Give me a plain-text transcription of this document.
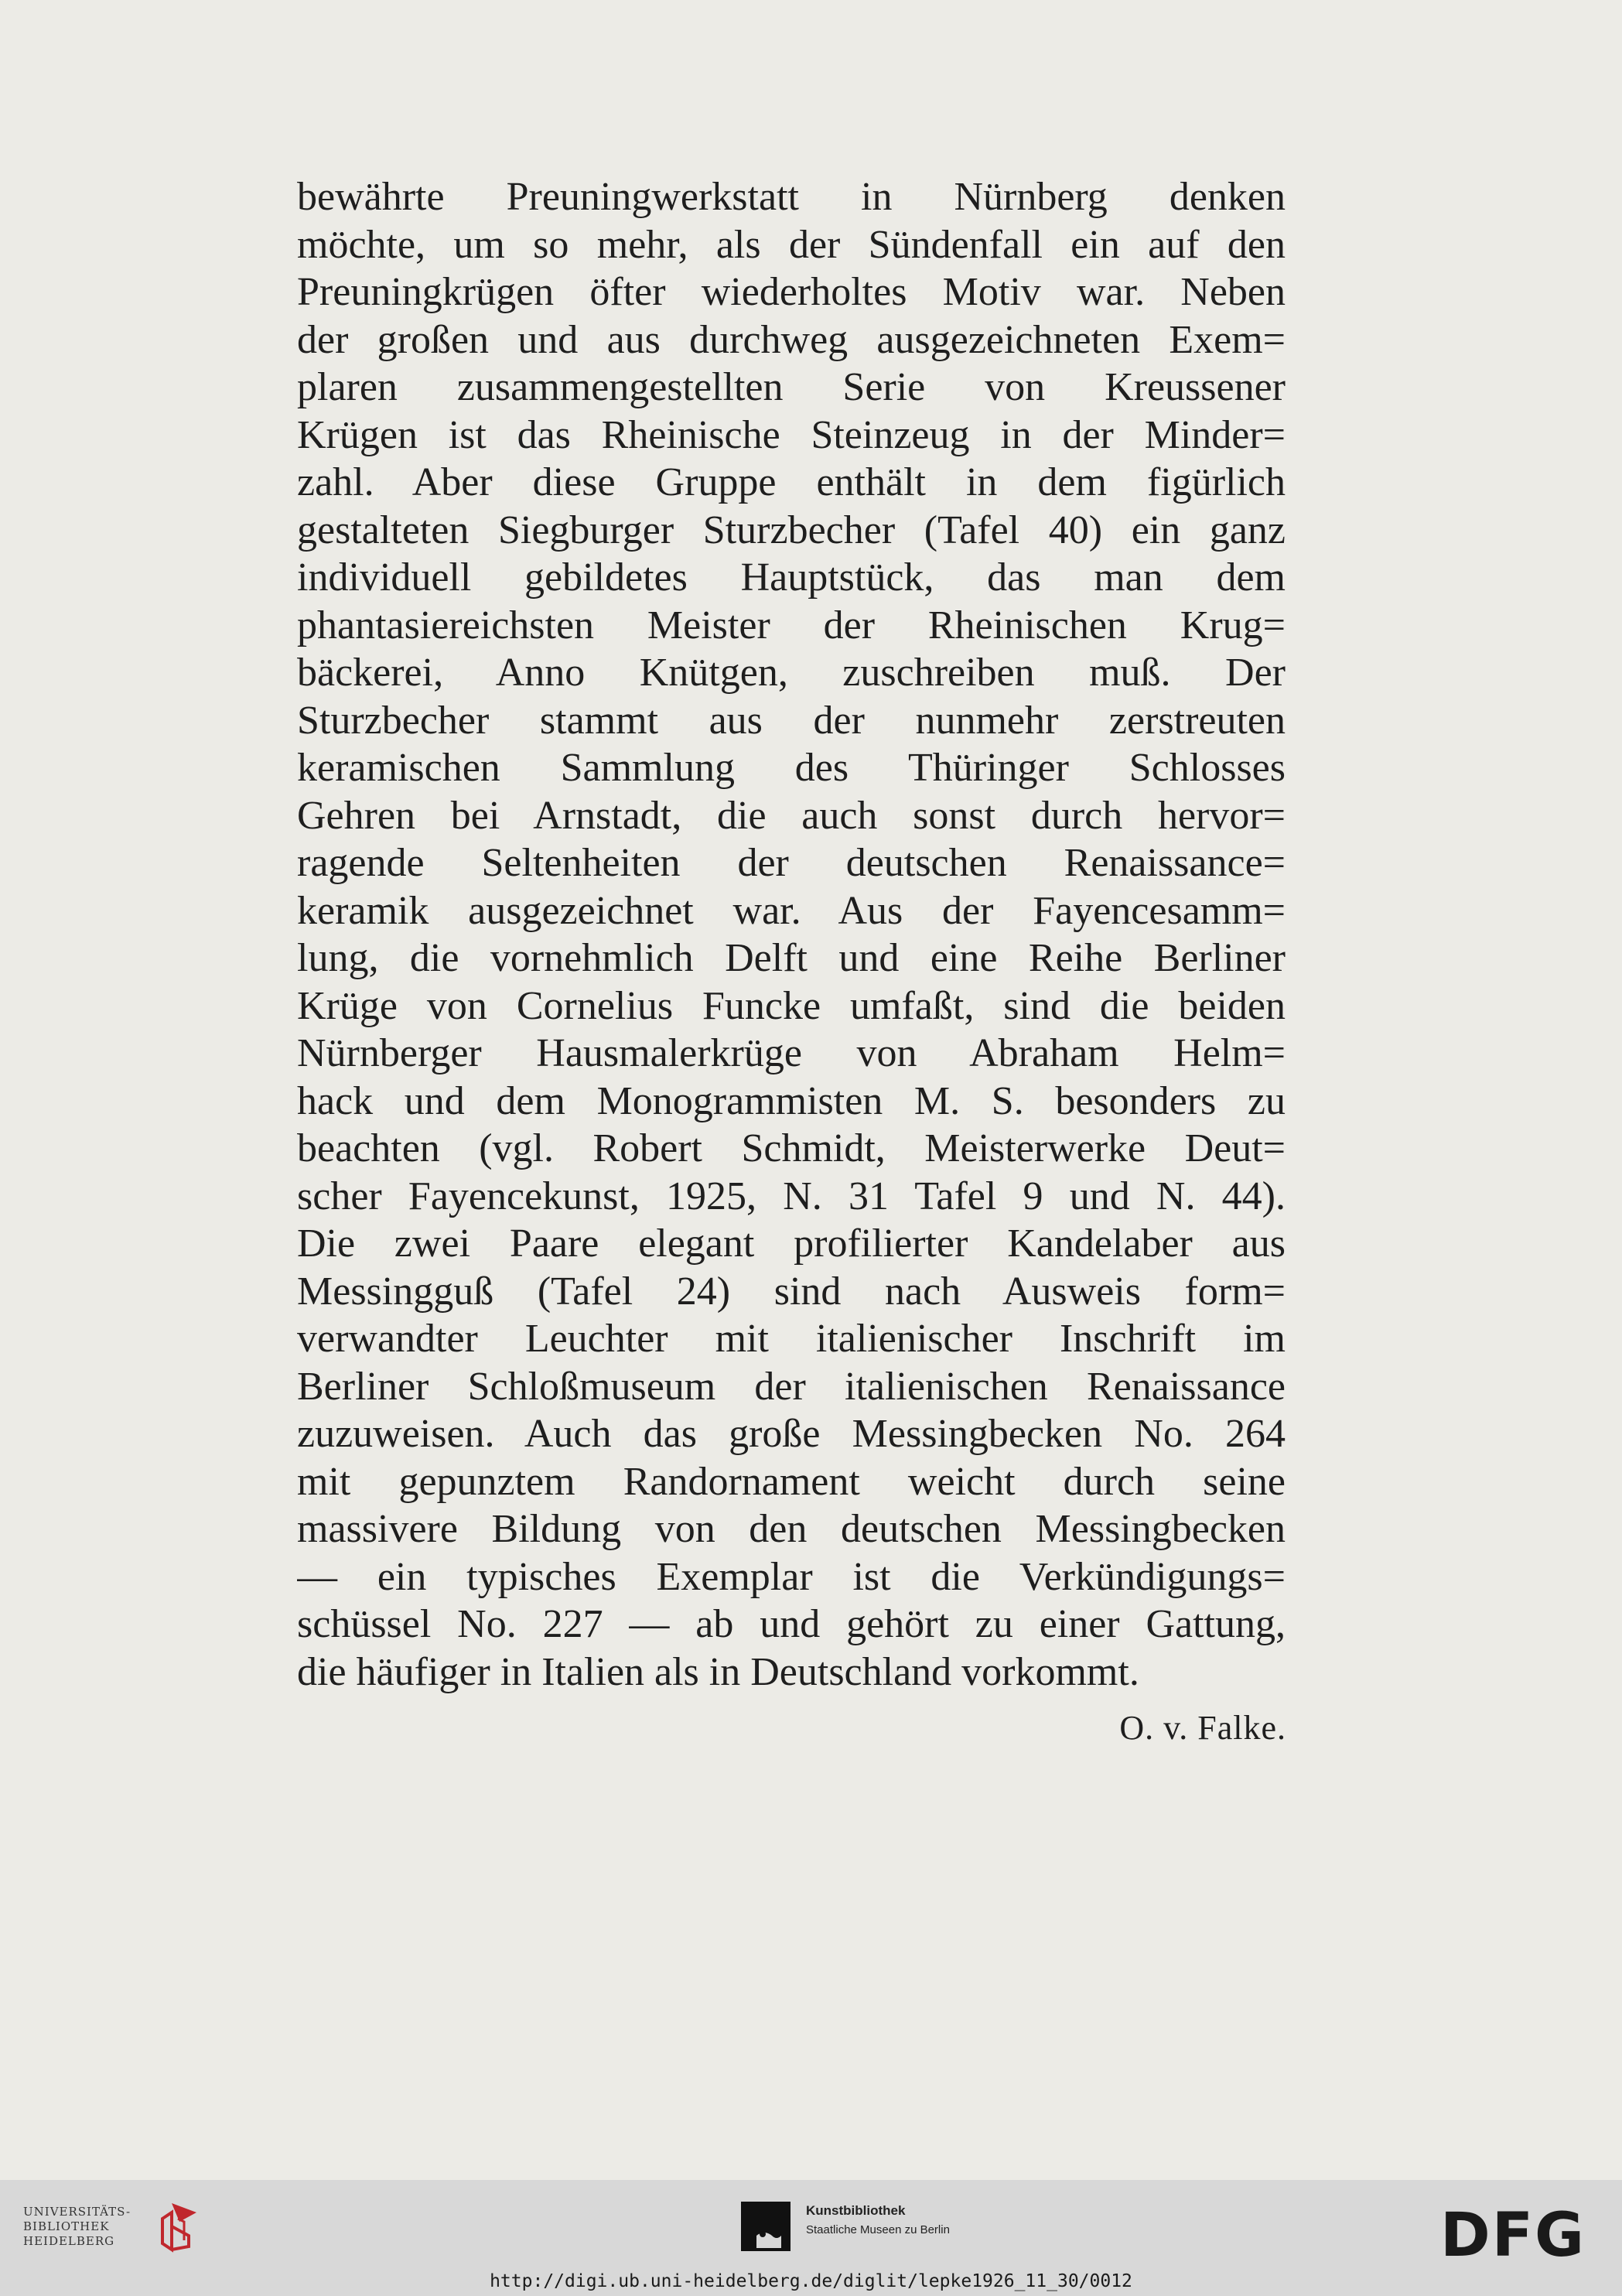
bewährte Preuningwerkstatt in Nürnberg denken
möchte, um so mehr, als der Sündenfall ein auf den
Preuningkrügen öfter wiederholtes Motiv war. Neben
der großen und aus durchweg ausgezeichneten Exem=
plaren zusammengestellten Serie von Kreussener
Krügen ist das Rheinische Steinzeug in der Minder=
zahl. Aber diese Gruppe enthält in dem figürlich
gestalteten Siegburger Sturzbecher (Tafel 40) ein ganz
individuell gebildetes Hauptstück, das man dem
phantasiereichsten Meister der Rheinischen Krug=
bäckerei, Anno Knütgen, zuschreiben muß. Der
Sturzbecher stammt aus der nunmehr zerstreuten
keramischen Sammlung des Thüringer Schlosses
Gehren bei Arnstadt, die auch sonst durch hervor=
ragende Seltenheiten der deutschen Renaissance=
keramik ausgezeichnet war. Aus der Fayencesamm=
lung, die vornehmlich Delft und eine Reihe Berliner
Krüge von Cornelius Funcke umfaßt, sind die beiden
Nürnberger Hausmalerkrüge von Abraham Helm=
hack und dem Monogrammisten M. S. besonders zu
beachten (vgl. Robert Schmidt, Meisterwerke Deut=
scher Fayencekunst, 1925, N. 31 Tafel 9 und N. 44).
Die zwei Paare elegant profilierter Kandelaber aus
Messingguß (Tafel 24) sind nach Ausweis form=
verwandter Leuchter mit italienischer Inschrift im
Berliner Schloßmuseum der italienischen Renaissance
zuzuweisen. Auch das große Messingbecken No. 264
mit gepunztem Randornament weicht durch seine
massivere Bildung von den deutschen Messingbecken
— ein typisches Exemplar ist die Verkündigungs=
schüssel No. 227 — ab und gehört zu einer Gattung,
die häufiger in Italien als in Deutschland vorkommt.
O. v. Falke.
UNIVERSITÄTS-
BIBLIOTHEK
HEIDELBERG
Kunstbibliothek
Staatliche Museen zu Berlin	DFG
http://digi.ub.uni-heidelberg.de/diglit/lepke1926_11_30/0012
